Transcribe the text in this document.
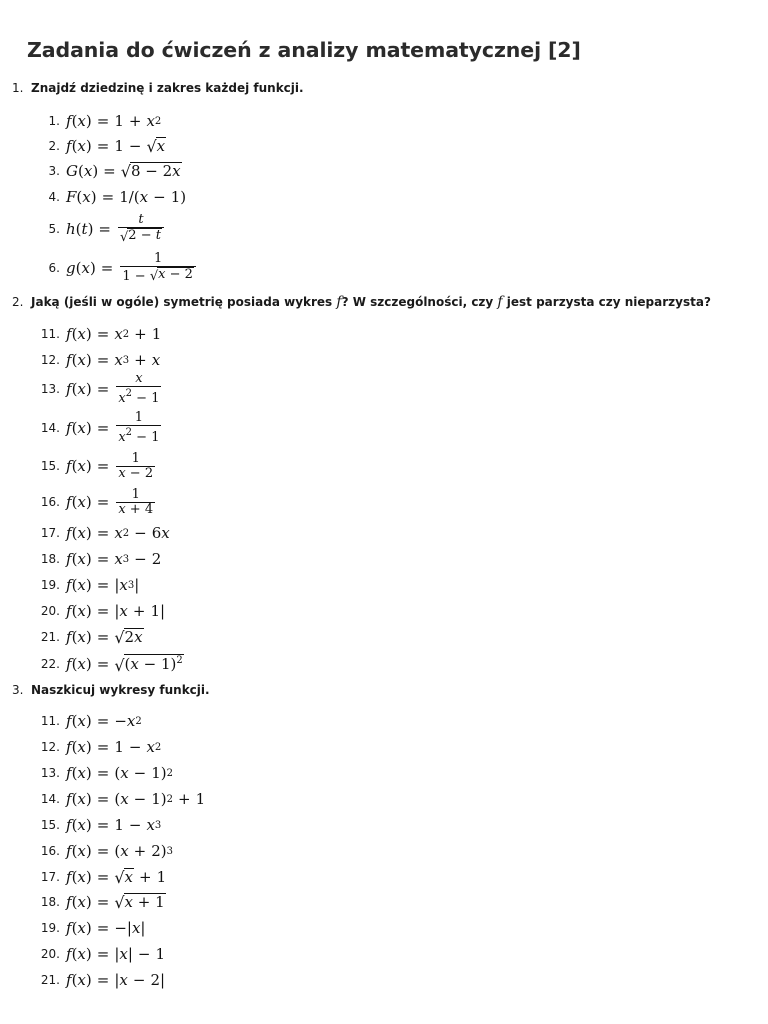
Zadania do ćwiczeń z analizy matematycznej [2]
1. Znajdź dziedzinę i zakres każdej funkcji.
1. f ( x ) = 1 + x 2
2. f ( x ) = 1 − √ x
3. G ( x ) = √ 8 − 2x
4. F ( x ) = 1/( x − 1)
5. h ( t ) = $\frac{t}{√ 2 - t}$
6. g ( x ) = $\frac{1}{1 - √ x - 2}$
2. Jaką (jeśli w ogóle) symetrię posiada wykres f? W szczególności, czy f jest parzysta czy nieparzysta?
11. f ( x ) = x 2 + 1
12. f ( x ) = x 3 + x
13. f ( x ) = $\frac{x}{x^2 - 1}$
14. f ( x ) = $\frac{1}{x^2 - 1}$
15. f ( x ) = $\frac{1}{x - 2}$
16. f ( x ) = $\frac{1}{x + 4}$
17. f ( x ) = x 2 − 6 x
18. f ( x ) = x 3 − 2
19. f ( x ) = | x 3 |
20. f ( x ) = | x + 1|
21. f ( x ) = √ 2x
22. f ( x ) = √ $(x - 1)^2$
3. Naszkicuj wykresy funkcji.
11. f ( x ) = − x 2
12. f ( x ) = 1 − x 2
13. f ( x ) = ( x − 1) 2
14. f ( x ) = ( x − 1) 2 + 1
15. f ( x ) = 1 − x 3
16. f ( x ) = ( x + 2) 3
17. f ( x ) = √ x + 1
18. f ( x ) = √ x + 1
19. f ( x ) = −| x |
20. f ( x ) = | x | − 1
21. f ( x ) = | x − 2|
